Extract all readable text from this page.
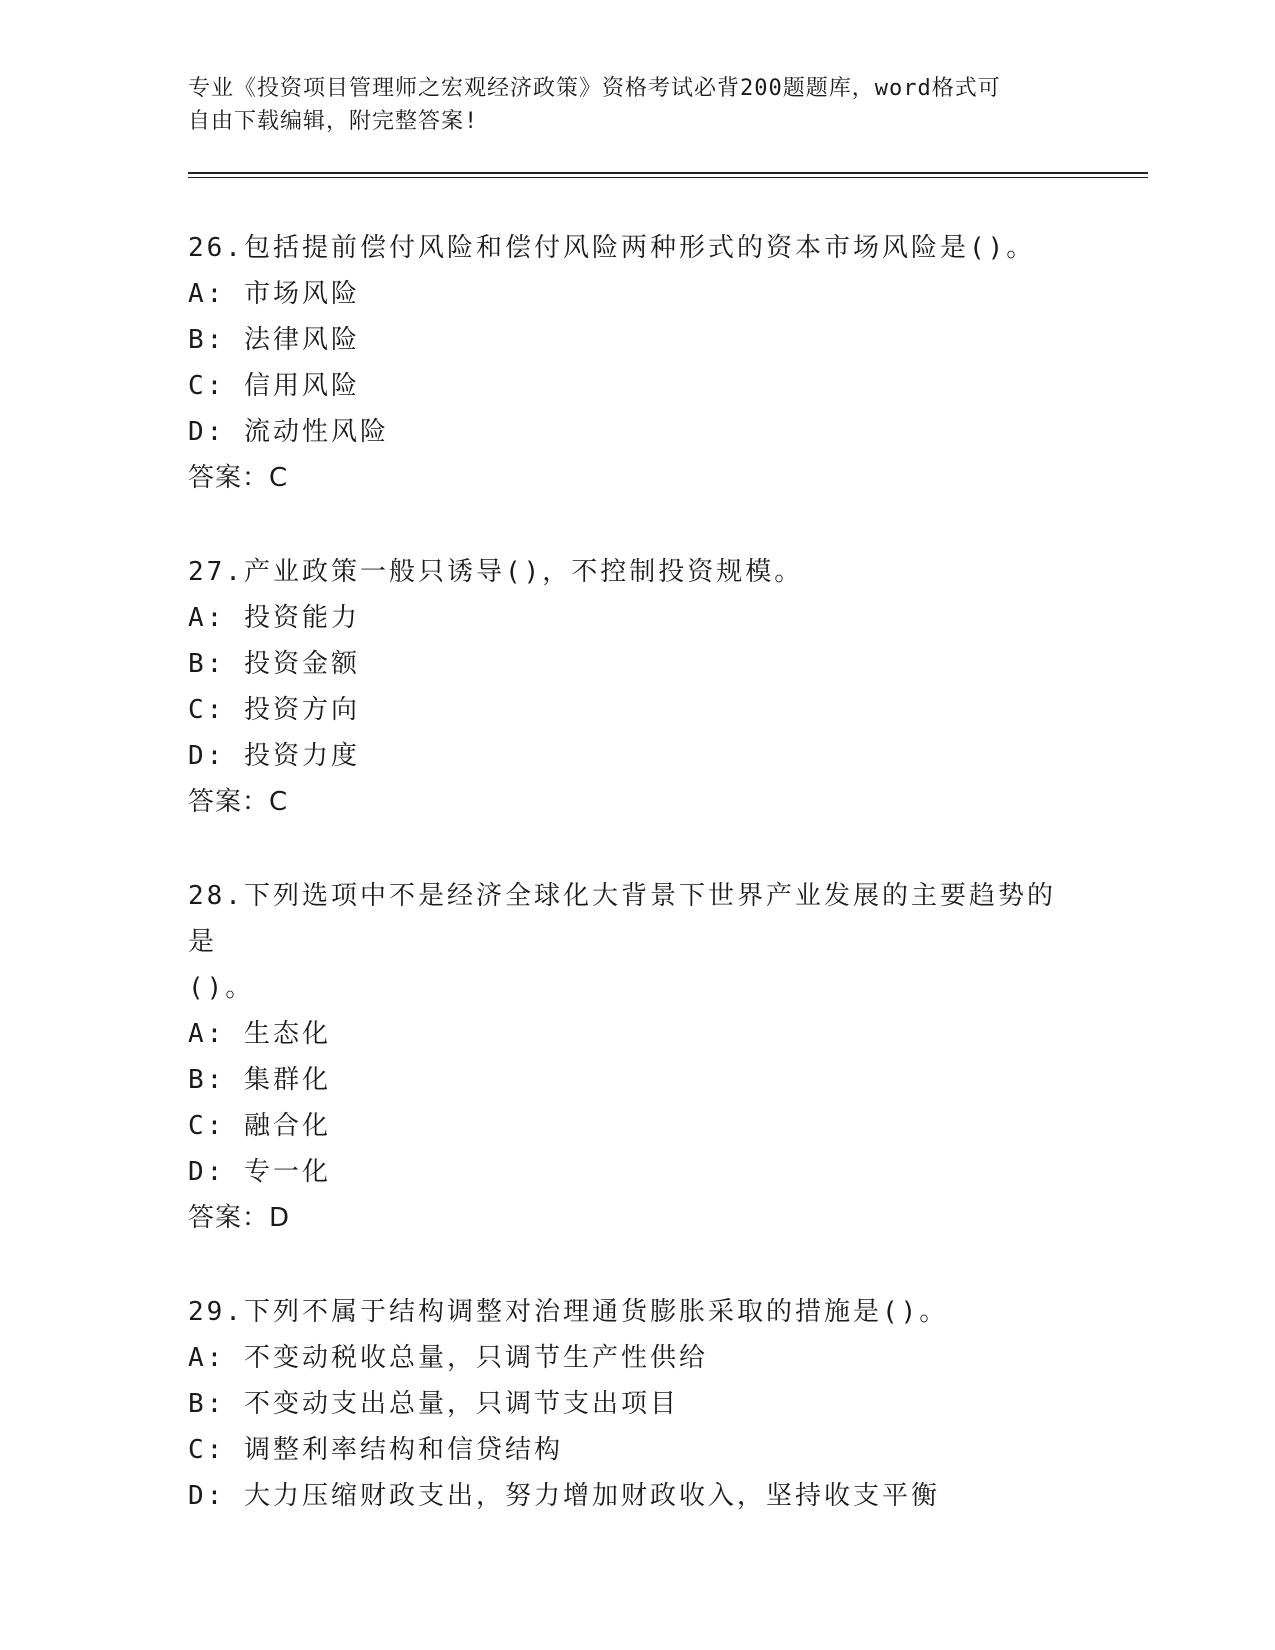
专业《投资项目管理师之宏观经济政策》资格考试必背200题题库，word格式可

自由下载编辑，附完整答案!

26.包括提前偿付风险和偿付风险两种形式的资本市场风险是()。

A: 市场风险

B: 法律风险

C: 信用风险

D: 流动性风险

答案：C

27.产业政策一般只诱导()，不控制投资规模。

A: 投资能力

B: 投资金额

C: 投资方向

D: 投资力度

答案：C

28.下列选项中不是经济全球化大背景下世界产业发展的主要趋势的是

()。

A: 生态化

B: 集群化

C: 融合化

D: 专一化

答案：D

29.下列不属于结构调整对治理通货膨胀采取的措施是()。

A: 不变动税收总量，只调节生产性供给

B: 不变动支出总量，只调节支出项目

C: 调整利率结构和信贷结构

D: 大力压缩财政支出，努力增加财政收入，坚持收支平衡
